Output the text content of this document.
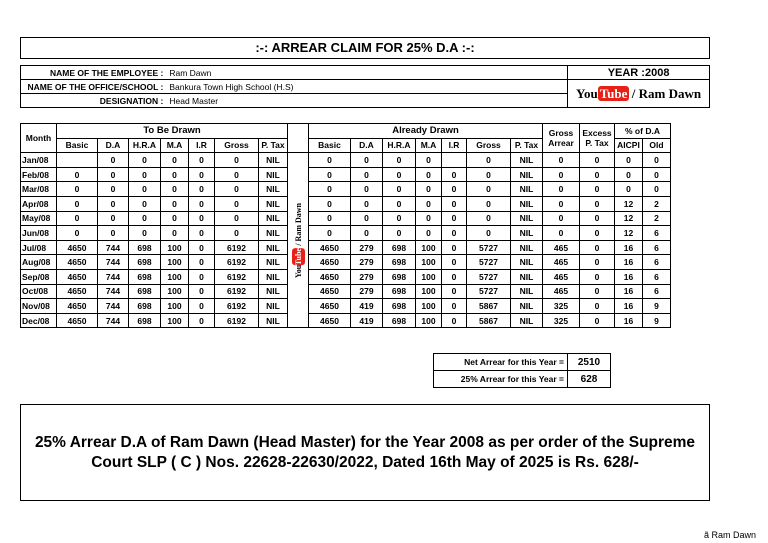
:-: ARREAR CLAIM FOR 25% D.A :-:
NAME OF THE EMPLOYEE :	Ram Dawn	YEAR :2008
NAME OF THE OFFICE/SCHOOL :	Bankura Town High School (H.S)	You Tube / Ram Dawn
DESIGNATION :	Head Master	
Month	To Be Drawn								Already Drawn							Gross Arrear	Excess P. Tax	% of D.A	
	Basic	D.A	H.R.A	M.A	I.R	Gross	P. Tax		Basic	D.A	H.R.A	M.A	I.R	Gross	P. Tax			AICPI	Old
Jan/08		0	0	0	0	0	NIL	YouTube / Ram Dawn	0	0	0	0		0	NIL	0	0	0	0
Feb/08	0	0	0	0	0	0	NIL		0	0	0	0	0	0	NIL	0	0	0	0
Mar/08	0	0	0	0	0	0	NIL		0	0	0	0	0	0	NIL	0	0	0	0
Apr/08	0	0	0	0	0	0	NIL		0	0	0	0	0	0	NIL	0	0	12	2
May/08	0	0	0	0	0	0	NIL		0	0	0	0	0	0	NIL	0	0	12	2
Jun/08	0	0	0	0	0	0	NIL		0	0	0	0	0	0	NIL	0	0	12	6
Jul/08	4650	744	698	100	0	6192	NIL		4650	279	698	100	0	5727	NIL	465	0	16	6
Aug/08	4650	744	698	100	0	6192	NIL		4650	279	698	100	0	5727	NIL	465	0	16	6
Sep/08	4650	744	698	100	0	6192	NIL		4650	279	698	100	0	5727	NIL	465	0	16	6
Oct/08	4650	744	698	100	0	6192	NIL		4650	279	698	100	0	5727	NIL	465	0	16	6
Nov/08	4650	744	698	100	0	6192	NIL		4650	419	698	100	0	5867	NIL	325	0	16	9
Dec/08	4650	744	698	100	0	6192	NIL		4650	419	698	100	0	5867	NIL	325	0	16	9
Net Arrear for this Year =	2510
25% Arrear for this Year =	628
25% Arrear D.A of Ram Dawn (Head Master) for the Year 2008 as per order of the Supreme Court SLP ( C ) Nos. 22628-22630/2022, Dated 16th May of 2025 is Rs. 628/-
ã Ram Dawn
